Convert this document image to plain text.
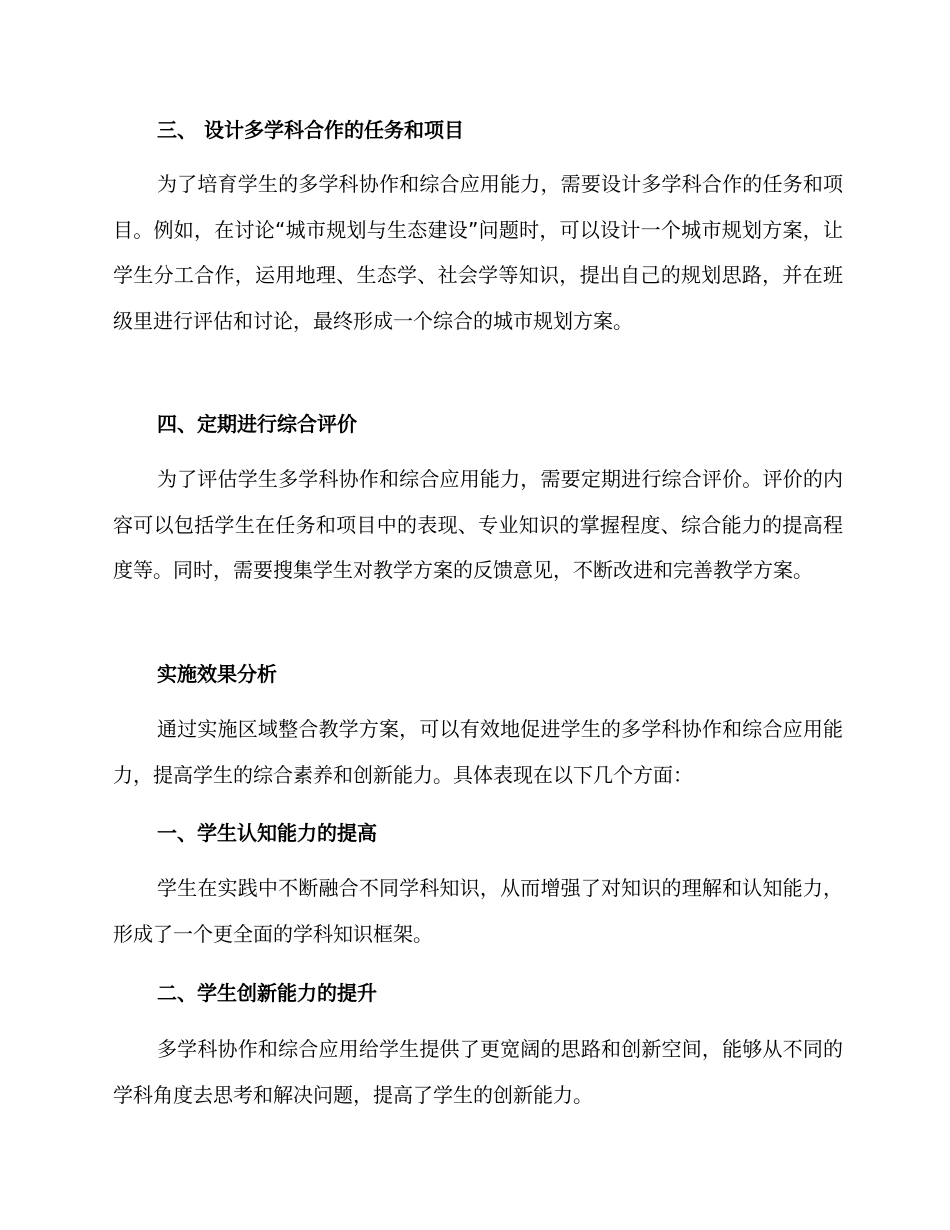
三、 设计多学科合作的任务和项目
为了培育学生的多学科协作和综合应用能力，需要设计多学科合作的任务和项目。例如，在讨论“城市规划与生态建设”问题时，可以设计一个城市规划方案，让学生分工合作，运用地理、生态学、社会学等知识，提出自己的规划思路，并在班级里进行评估和讨论，最终形成一个综合的城市规划方案。
四、定期进行综合评价
为了评估学生多学科协作和综合应用能力，需要定期进行综合评价。评价的内容可以包括学生在任务和项目中的表现、专业知识的掌握程度、综合能力的提高程度等。同时，需要搜集学生对教学方案的反馈意见，不断改进和完善教学方案。
实施效果分析
通过实施区域整合教学方案，可以有效地促进学生的多学科协作和综合应用能力，提高学生的综合素养和创新能力。具体表现在以下几个方面：
一、学生认知能力的提高
学生在实践中不断融合不同学科知识，从而增强了对知识的理解和认知能力，形成了一个更全面的学科知识框架。
二、学生创新能力的提升
多学科协作和综合应用给学生提供了更宽阔的思路和创新空间，能够从不同的学科角度去思考和解决问题，提高了学生的创新能力。
